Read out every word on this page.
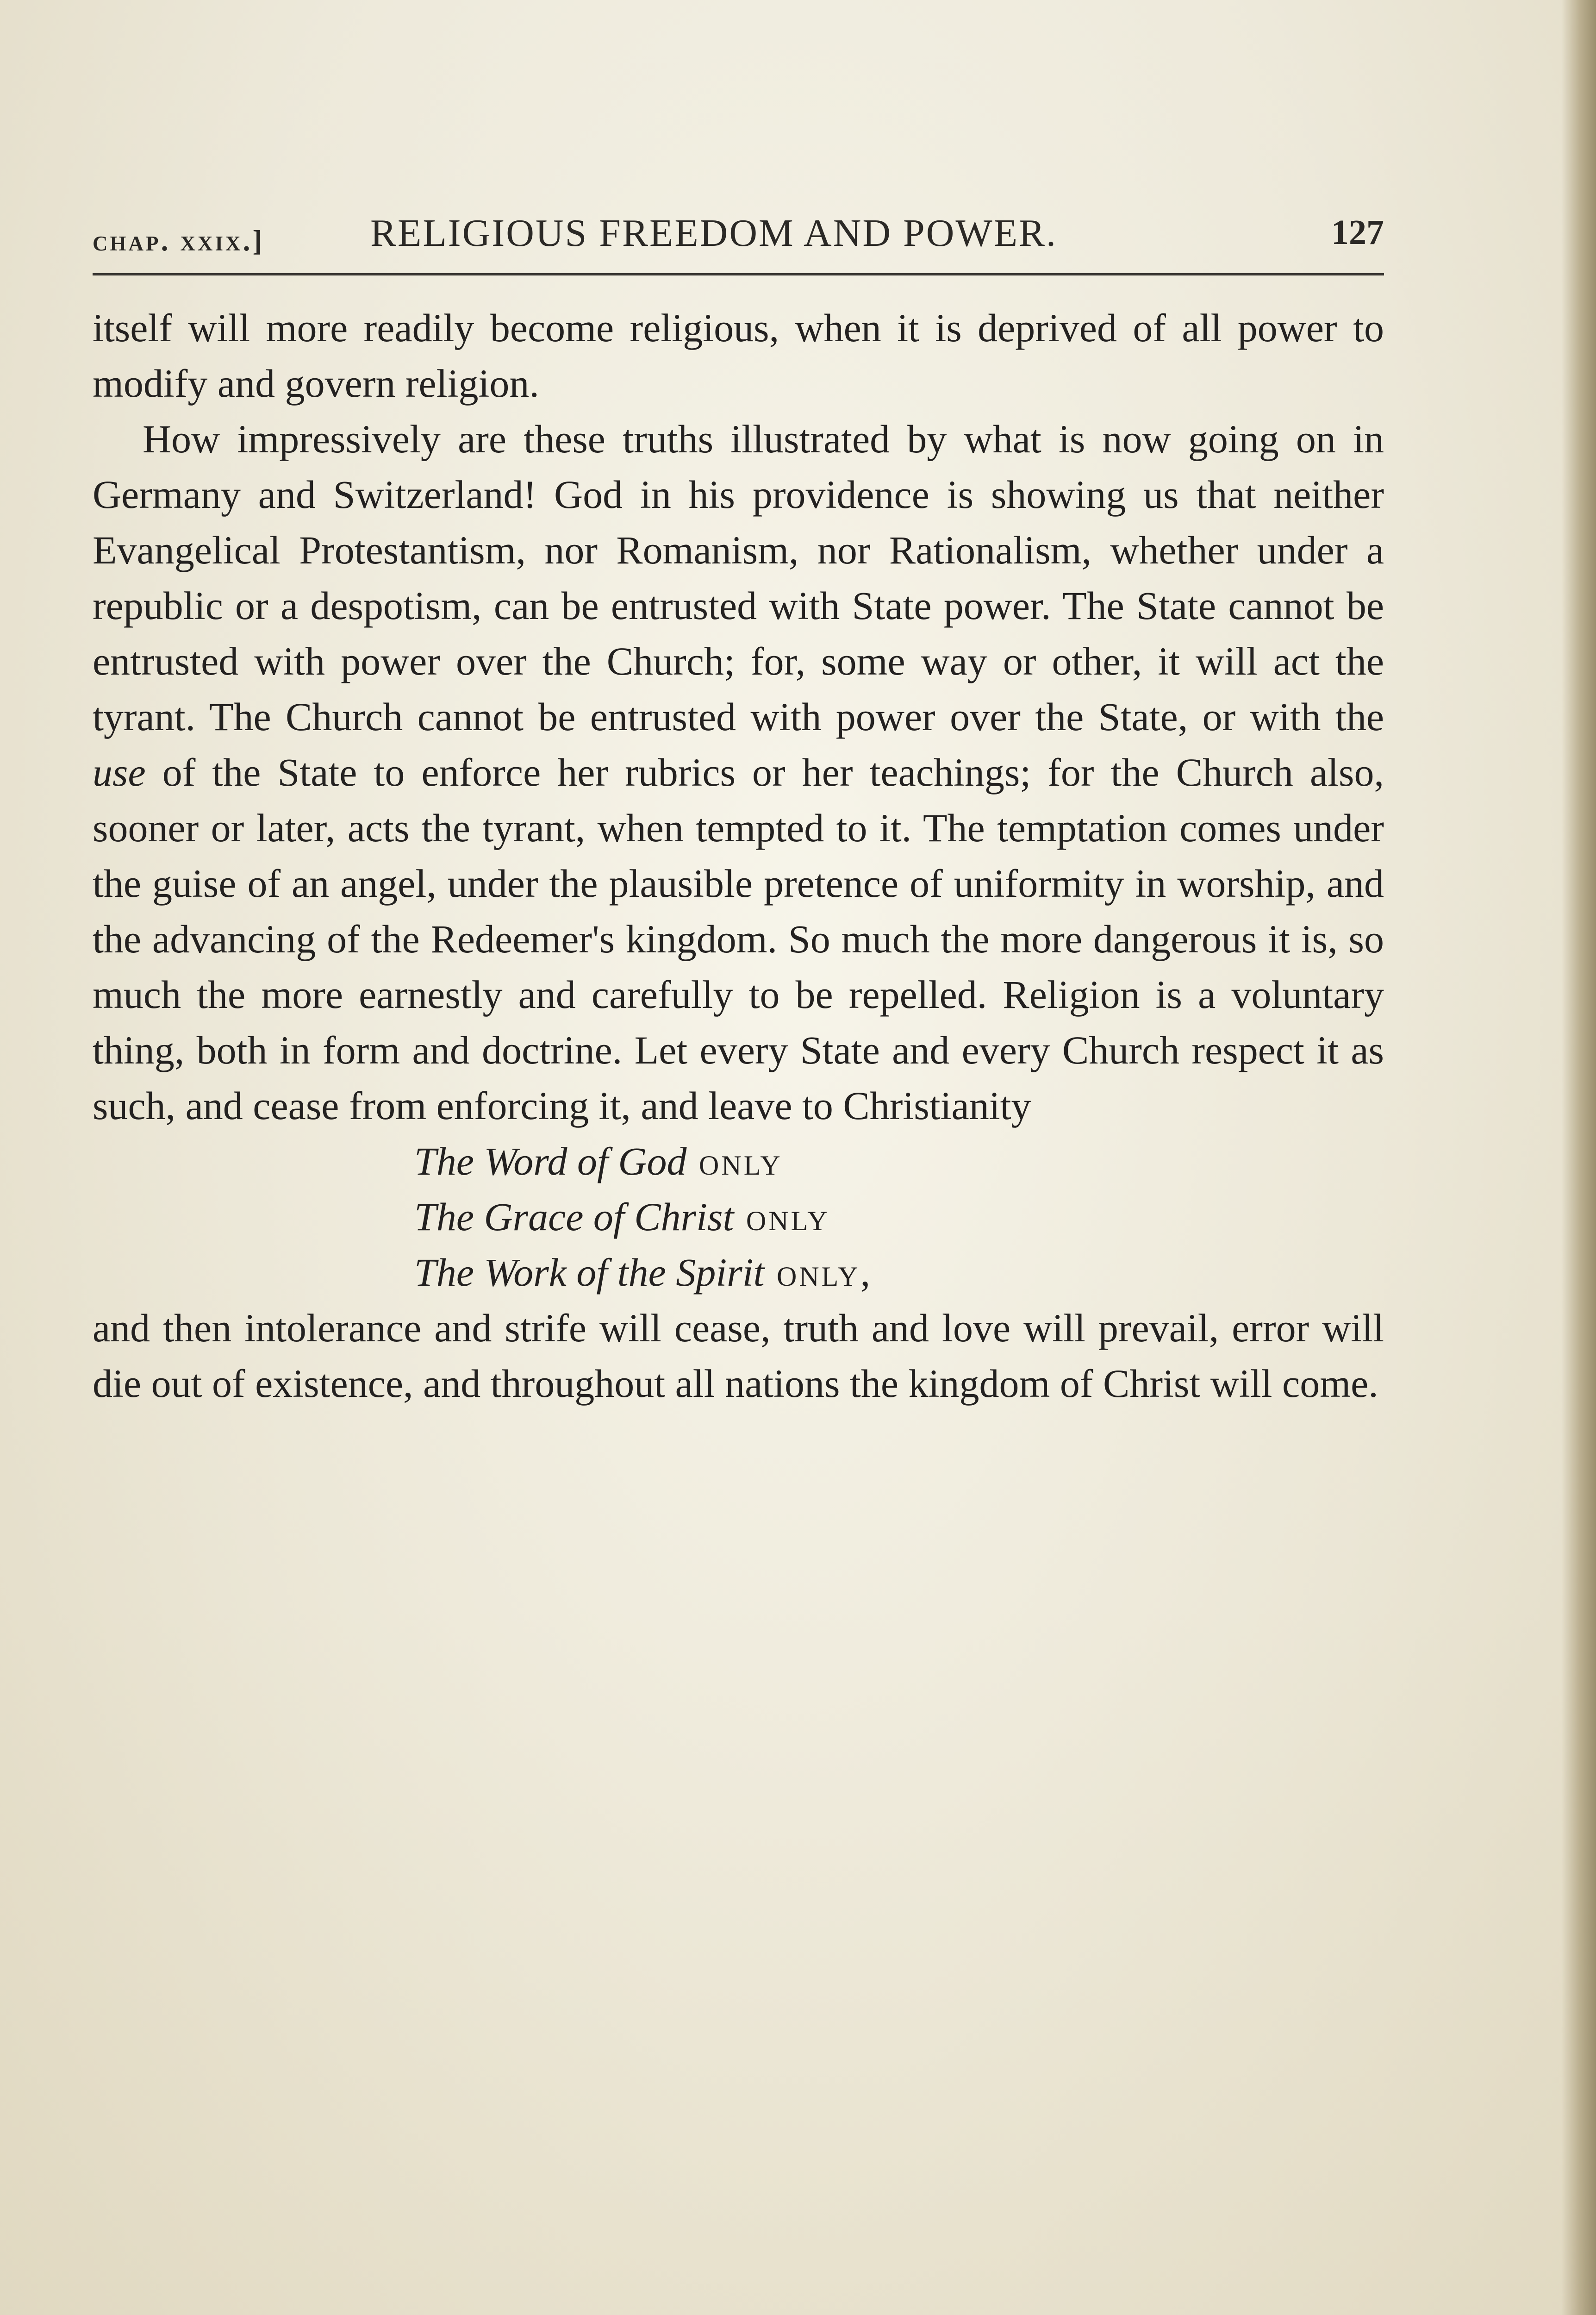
chap. xxix.]	RELIGIOUS FREEDOM AND POWER.	127

itself will more readily become religious, when it is deprived of all power to modify and govern religion.

How impressively are these truths illustrated by what is now going on in Germany and Switzerland! God in his providence is showing us that neither Evangelical Protestantism, nor Romanism, nor Rationalism, whether under a republic or a despotism, can be entrusted with State power. The State cannot be entrusted with power over the Church; for, some way or other, it will act the tyrant. The Church cannot be entrusted with power over the State, or with the use of the State to enforce her rubrics or her teachings; for the Church also, sooner or later, acts the tyrant, when tempted to it. The temptation comes under the guise of an angel, under the plausible pretence of uniformity in worship, and the advancing of the Redeemer's kingdom. So much the more dangerous it is, so much the more earnestly and carefully to be repelled. Religion is a voluntary thing, both in form and doctrine. Let every State and every Church respect it as such, and cease from enforcing it, and leave to Christianity

The Word of God only
The Grace of Christ only
The Work of the Spirit only,

and then intolerance and strife will cease, truth and love will prevail, error will die out of existence, and throughout all nations the kingdom of Christ will come.
